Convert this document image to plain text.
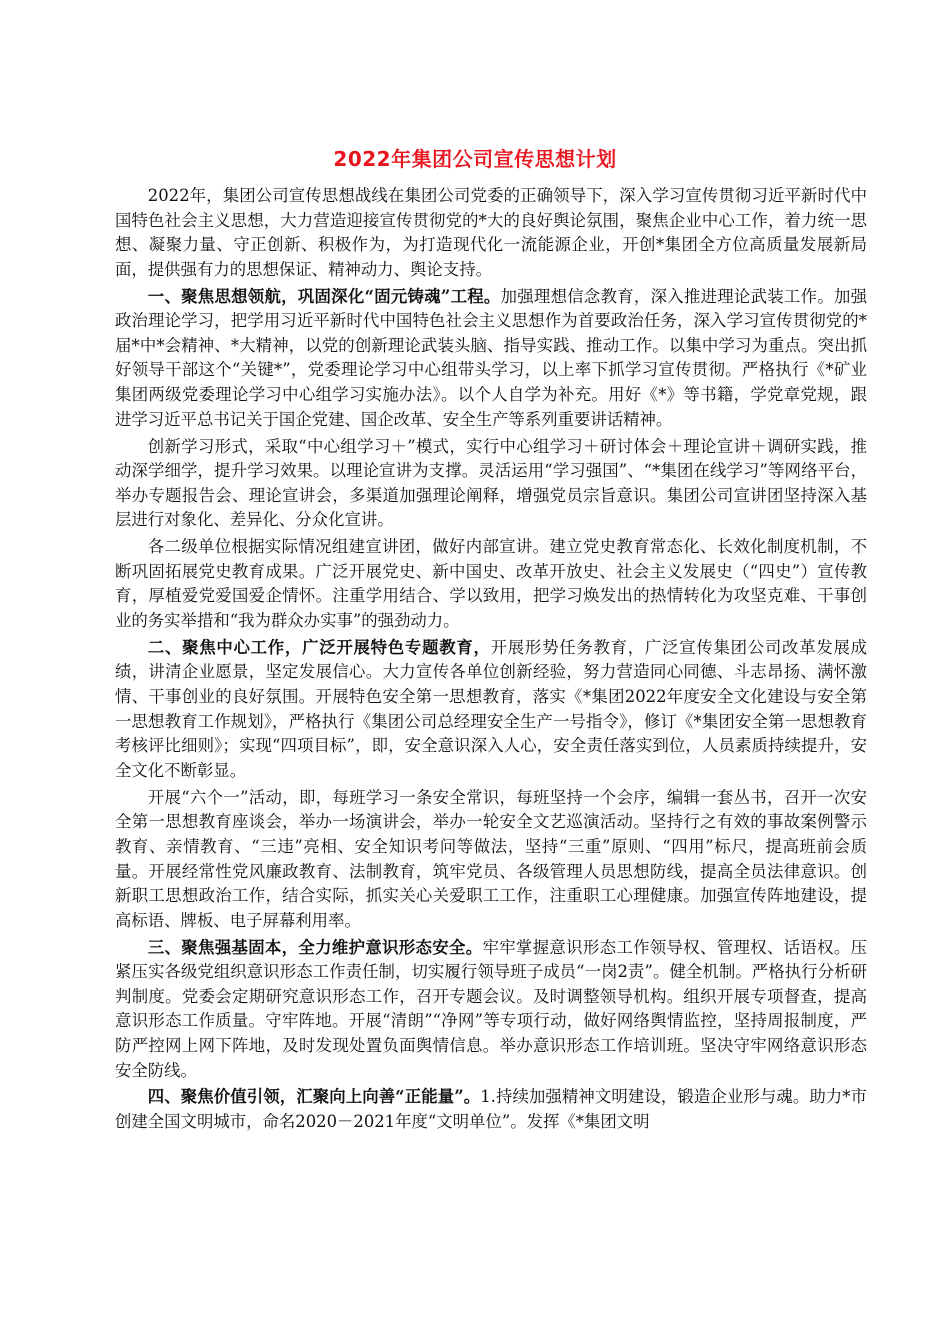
2022年集团公司宣传思想计划

2022年，集团公司宣传思想战线在集团公司党委的正确领导下，深入学习宣传贯彻习近平新时代中国特色社会主义思想，大力营造迎接宣传贯彻党的*大的良好舆论氛围，聚焦企业中心工作，着力统一思想、凝聚力量、守正创新、积极作为，为打造现代化一流能源企业，开创*集团全方位高质量发展新局面，提供强有力的思想保证、精神动力、舆论支持。

一、聚焦思想领航，巩固深化“固元铸魂”工程。加强理想信念教育，深入推进理论武装工作。加强政治理论学习，把学用习近平新时代中国特色社会主义思想作为首要政治任务，深入学习宣传贯彻党的*届*中*会精神、*大精神，以党的创新理论武装头脑、指导实践、推动工作。以集中学习为重点。突出抓好领导干部这个“关键*”，党委理论学习中心组带头学习，以上率下抓学习宣传贯彻。严格执行《*矿业集团两级党委理论学习中心组学习实施办法》。以个人自学为补充。用好《*》等书籍，学党章党规，跟进学习近平总书记关于国企党建、国企改革、安全生产等系列重要讲话精神。

创新学习形式，采取“中心组学习＋”模式，实行中心组学习＋研讨体会＋理论宣讲＋调研实践，推动深学细学，提升学习效果。以理论宣讲为支撑。灵活运用“学习强国”、“*集团在线学习”等网络平台，举办专题报告会、理论宣讲会，多渠道加强理论阐释，增强党员宗旨意识。集团公司宣讲团坚持深入基层进行对象化、差异化、分众化宣讲。

各二级单位根据实际情况组建宣讲团，做好内部宣讲。建立党史教育常态化、长效化制度机制，不断巩固拓展党史教育成果。广泛开展党史、新中国史、改革开放史、社会主义发展史（“四史”）宣传教育，厚植爱党爱国爱企情怀。注重学用结合、学以致用，把学习焕发出的热情转化为攻坚克难、干事创业的务实举措和“我为群众办实事”的强劲动力。

二、聚焦中心工作，广泛开展特色专题教育，开展形势任务教育，广泛宣传集团公司改革发展成绩，讲清企业愿景，坚定发展信心。大力宣传各单位创新经验，努力营造同心同德、斗志昂扬、满怀激情、干事创业的良好氛围。开展特色安全第一思想教育，落实《*集团2022年度安全文化建设与安全第一思想教育工作规划》，严格执行《集团公司总经理安全生产一号指令》，修订《*集团安全第一思想教育考核评比细则》；实现“四项目标”，即，安全意识深入人心，安全责任落实到位，人员素质持续提升，安全文化不断彰显。

开展“六个一”活动，即，每班学习一条安全常识，每班坚持一个会序，编辑一套丛书，召开一次安全第一思想教育座谈会，举办一场演讲会，举办一轮安全文艺巡演活动。坚持行之有效的事故案例警示教育、亲情教育、“三违”亮相、安全知识考问等做法，坚持“三重”原则、“四用”标尺，提高班前会质量。开展经常性党风廉政教育、法制教育，筑牢党员、各级管理人员思想防线，提高全员法律意识。创新职工思想政治工作，结合实际，抓实关心关爱职工工作，注重职工心理健康。加强宣传阵地建设，提高标语、牌板、电子屏幕利用率。

三、聚焦强基固本，全力维护意识形态安全。牢牢掌握意识形态工作领导权、管理权、话语权。压紧压实各级党组织意识形态工作责任制，切实履行领导班子成员“一岗2责”。健全机制。严格执行分析研判制度。党委会定期研究意识形态工作，召开专题会议。及时调整领导机构。组织开展专项督查，提高意识形态工作质量。守牢阵地。开展“清朗”“净网”等专项行动，做好网络舆情监控，坚持周报制度，严防严控网上网下阵地，及时发现处置负面舆情信息。举办意识形态工作培训班。坚决守牢网络意识形态安全防线。

四、聚焦价值引领，汇聚向上向善“正能量”。1.持续加强精神文明建设，锻造企业形与魂。助力*市创建全国文明城市，命名2020－2021年度“文明单位”。发挥《*集团文明
